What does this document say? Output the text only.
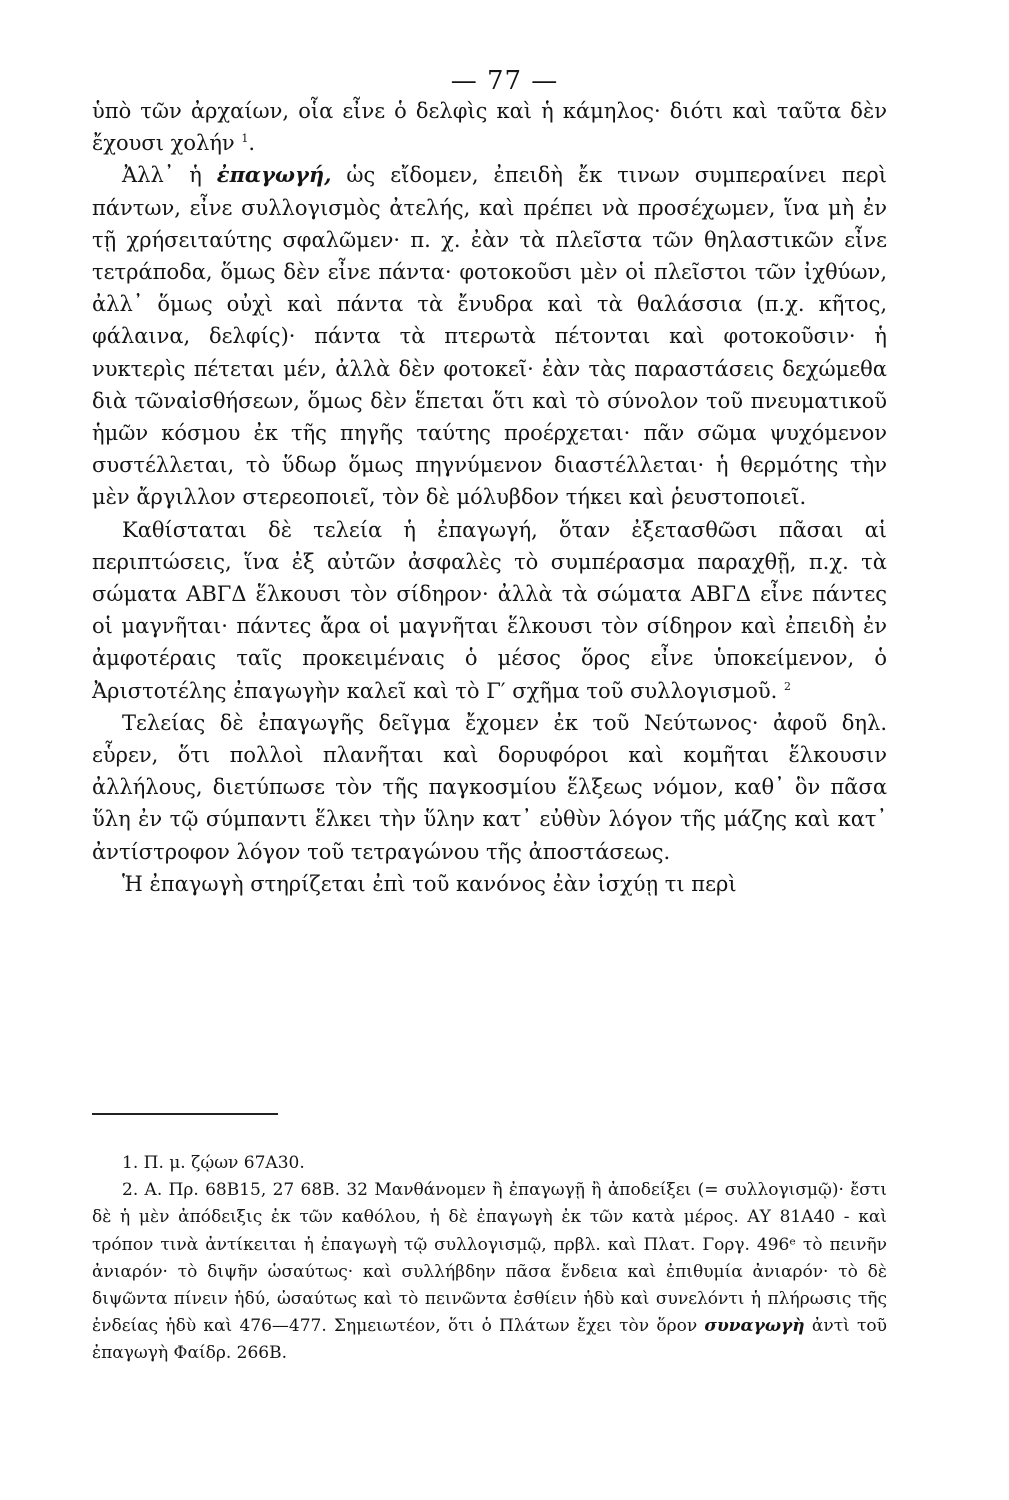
— 77 —

ὑπὸ τῶν ἀρχαίων, οἷα εἶνε ὁ δελφὶς καὶ ἡ κάμηλος· διότι καὶ ταῦτα δὲν ἔχουσι χολήν $^1$.

Ἀλλ᾽ ἡ ἐπαγωγή, ὡς εἴδομεν, ἐπειδὴ ἔκ τινων συμπεραίνει περὶ πάντων, εἶνε συλλογισμὸς ἀτελής, καὶ πρέπει νὰ προσέχωμεν, ἵνα μὴ ἐν τῇ χρήσειταύτης σφαλῶμεν· π. χ. ἐὰν τὰ πλεῖστα τῶν θηλαστικῶν εἶνε τετράποδα, ὅμως δὲν εἶνε πάντα· φοτοκοῦσι μὲν οἱ πλεῖστοι τῶν ἰχθύων, ἀλλ᾽ ὅμως οὐχὶ καὶ πάντα τὰ ἔνυδρα καὶ τὰ θαλάσσια (π.χ. κῆτος, φάλαινα, δελφίς)· πάντα τὰ πτερωτὰ πέτονται καὶ φοτοκοῦσιν· ἡ νυκτερὶς πέτεται μέν, ἀλλὰ δὲν φοτοκεῖ· ἐὰν τὰς παραστάσεις δεχώμεθα διὰ τῶναἰσθήσεων, ὅμως δὲν ἕπεται ὅτι καὶ τὸ σύνολον τοῦ πνευματικοῦ ἡμῶν κόσμου ἐκ τῆς πηγῆς ταύτης προέρχεται· πᾶν σῶμα ψυχόμενον συστέλλεται, τὸ ὕδωρ ὅμως πηγνύμενον διαστέλλεται· ἡ θερμότης τὴν μὲν ἄργιλλον στερεοποιεῖ, τὸν δὲ μόλυβδον τήκει καὶ ῥευστοποιεῖ.

Καθίσταται δὲ τελεία ἡ ἐπαγωγή, ὅταν ἐξετασθῶσι πᾶσαι αἱ περιπτώσεις, ἵνα ἐξ αὐτῶν ἀσφαλὲς τὸ συμπέρασμα παραχθῇ, π.χ. τὰ σώματα ΑΒΓΔ ἕλκουσι τὸν σίδηρον· ἀλλὰ τὰ σώματα ΑΒΓΔ εἶνε πάντες οἱ μαγνῆται· πάντες ἄρα οἱ μαγνῆται ἕλκουσι τὸν σίδηρον καὶ ἐπειδὴ ἐν ἀμφοτέραις ταῖς προκειμέναις ὁ μέσος ὅρος εἶνε ὑποκείμενον, ὁ Ἀριστοτέλης ἐπαγωγὴν καλεῖ καὶ τὸ Γ′ σχῆμα τοῦ συλλογισμοῦ. $^2$

Τελείας δὲ ἐπαγωγῆς δεῖγμα ἔχομεν ἐκ τοῦ Νεύτωνος· ἀφοῦ δηλ. εὗρεν, ὅτι πολλοὶ πλανῆται καὶ δορυφόροι καὶ κομῆται ἕλκουσιν ἀλλήλους, διετύπωσε τὸν τῆς παγκοσμίου ἕλξεως νόμον, καθ᾽ ὃν πᾶσα ὕλη ἐν τῷ σύμπαντι ἕλκει τὴν ὕλην κατ᾽ εὐθὺν λόγον τῆς μάζης καὶ κατ᾽ ἀντίστροφον λόγον τοῦ τετραγώνου τῆς ἀποστάσεως.

Ἡ ἐπαγωγὴ στηρίζεται ἐπὶ τοῦ κανόνος ἐὰν ἰσχύῃ τι περὶ

1. Π. μ. ζῴων 67Α30.

2. Α. Πρ. 68Β15, 27 68Β. 32 Μανθάνομεν ἢ ἐπαγωγῇ ἢ ἀποδείξει (= συλλογισμῷ)· ἔστι δὲ ἡ μὲν ἀπόδειξις ἐκ τῶν καθόλου, ἡ δὲ ἐπαγωγὴ ἐκ τῶν κατὰ μέρος. ΑΥ 81Α40 - καὶ τρόπον τινὰ ἀντίκειται ἡ ἐπαγωγὴ τῷ συλλογισμῷ, πρβλ. καὶ Πλατ. Γοργ. 496ᵉ τὸ πεινῆν ἀνιαρόν· τὸ διψῆν ὡσαύτως· καὶ συλλήβδην πᾶσα ἔνδεια καὶ ἐπιθυμία ἀνιαρόν· τὸ δὲ διψῶντα πίνειν ἡδύ, ὡσαύτως καὶ τὸ πεινῶντα ἐσθίειν ἡδὺ καὶ συνελόντι ἡ πλήρωσις τῆς ἐνδείας ἡδὺ καὶ 476—477. Σημειωτέον, ὅτι ὁ Πλάτων ἔχει τὸν ὅρον συναγωγὴ ἀντὶ τοῦ ἐπαγωγὴ Φαίδρ. 266Β.
